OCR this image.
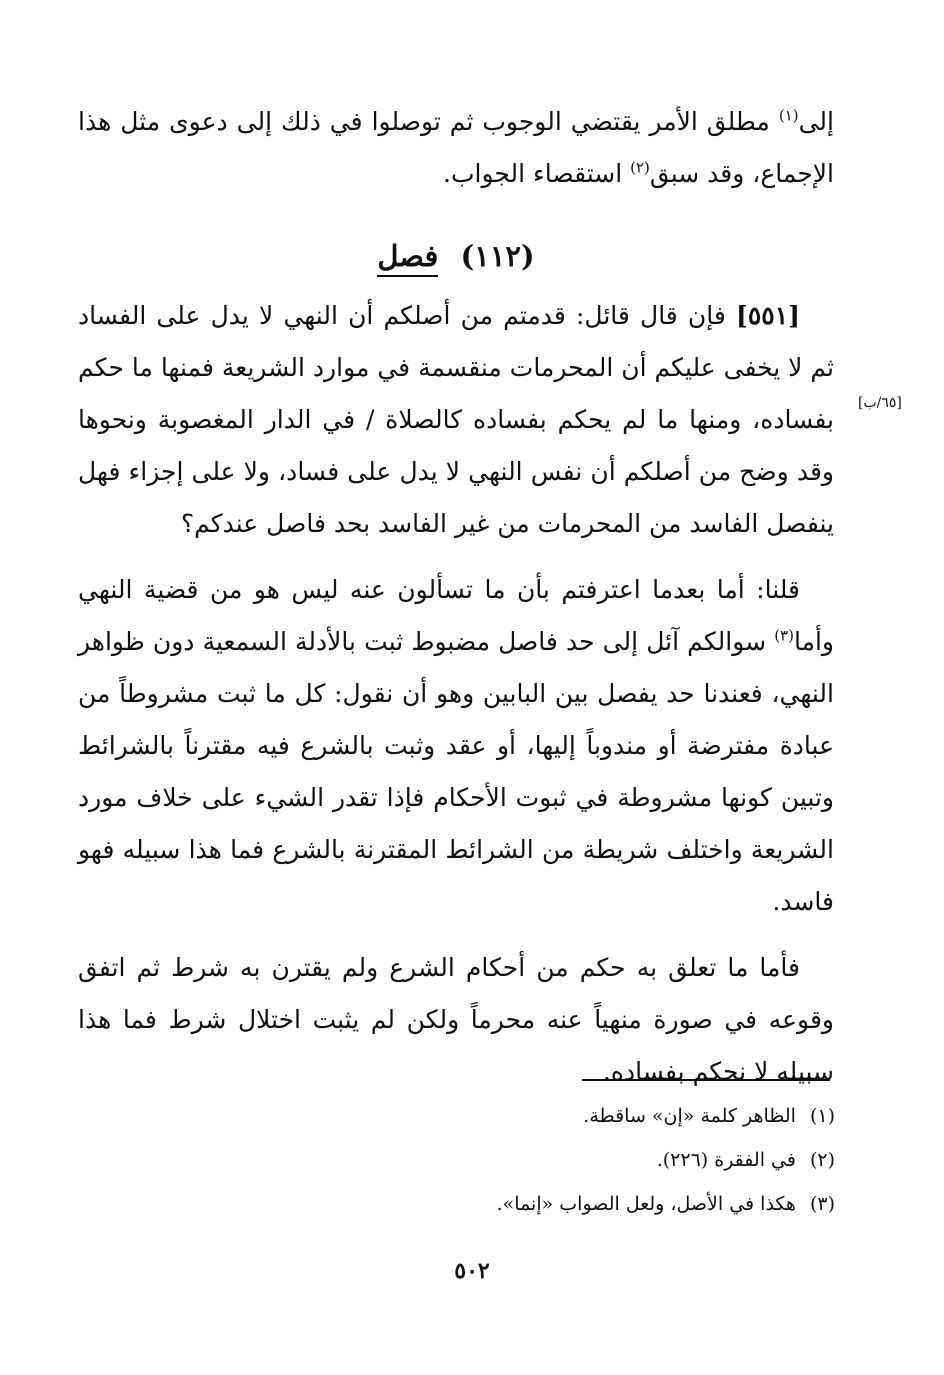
إلى$^{(١)}$ مطلق الأمر يقتضي الوجوب ثم توصلوا في ذلك إلى دعوى مثل هذا الإجماع، وقد سبق$^{(٢)}$ استقصاء الجواب.

(١١٢) فصل

[٥٥١] فإن قال قائل: قدمتم من أصلكم أن النهي لا يدل على الفساد ثم لا يخفى عليكم أن المحرمات منقسمة في موارد الشريعة فمنها ما حكم بفساده، ومنها ما لم يحكم بفساده كالصلاة / في الدار المغصوبة ونحوها وقد وضح من أصلكم أن نفس النهي لا يدل على فساد، ولا على إجزاء فهل ينفصل الفاسد من المحرمات من غير الفاسد بحد فاصل عندكم؟

قلنا: أما بعدما اعترفتم بأن ما تسألون عنه ليس هو من قضية النهي وأما$^{(٣)}$ سوالكم آئل إلى حد فاصل مضبوط ثبت بالأدلة السمعية دون ظواهر النهي، فعندنا حد يفصل بين البابين وهو أن نقول: كل ما ثبت مشروطاً من عبادة مفترضة أو مندوباً إليها، أو عقد وثبت بالشرع فيه مقترناً بالشرائط وتبين كونها مشروطة في ثبوت الأحكام فإذا تقدر الشيء على خلاف مورد الشريعة واختلف شريطة من الشرائط المقترنة بالشرع فما هذا سبيله فهو فاسد.

فأما ما تعلق به حكم من أحكام الشرع ولم يقترن به شرط ثم اتفق وقوعه في صورة منهياً عنه محرماً ولكن لم يثبت اختلال شرط فما هذا سبيله لا نحكم بفساده.

[٦٥/ب]
(١)الظاهر كلمة «إن» ساقطة.
(٢)في الفقرة (٢٢٦).
(٣)هكذا في الأصل، ولعل الصواب «إنما».
٥٠٢
